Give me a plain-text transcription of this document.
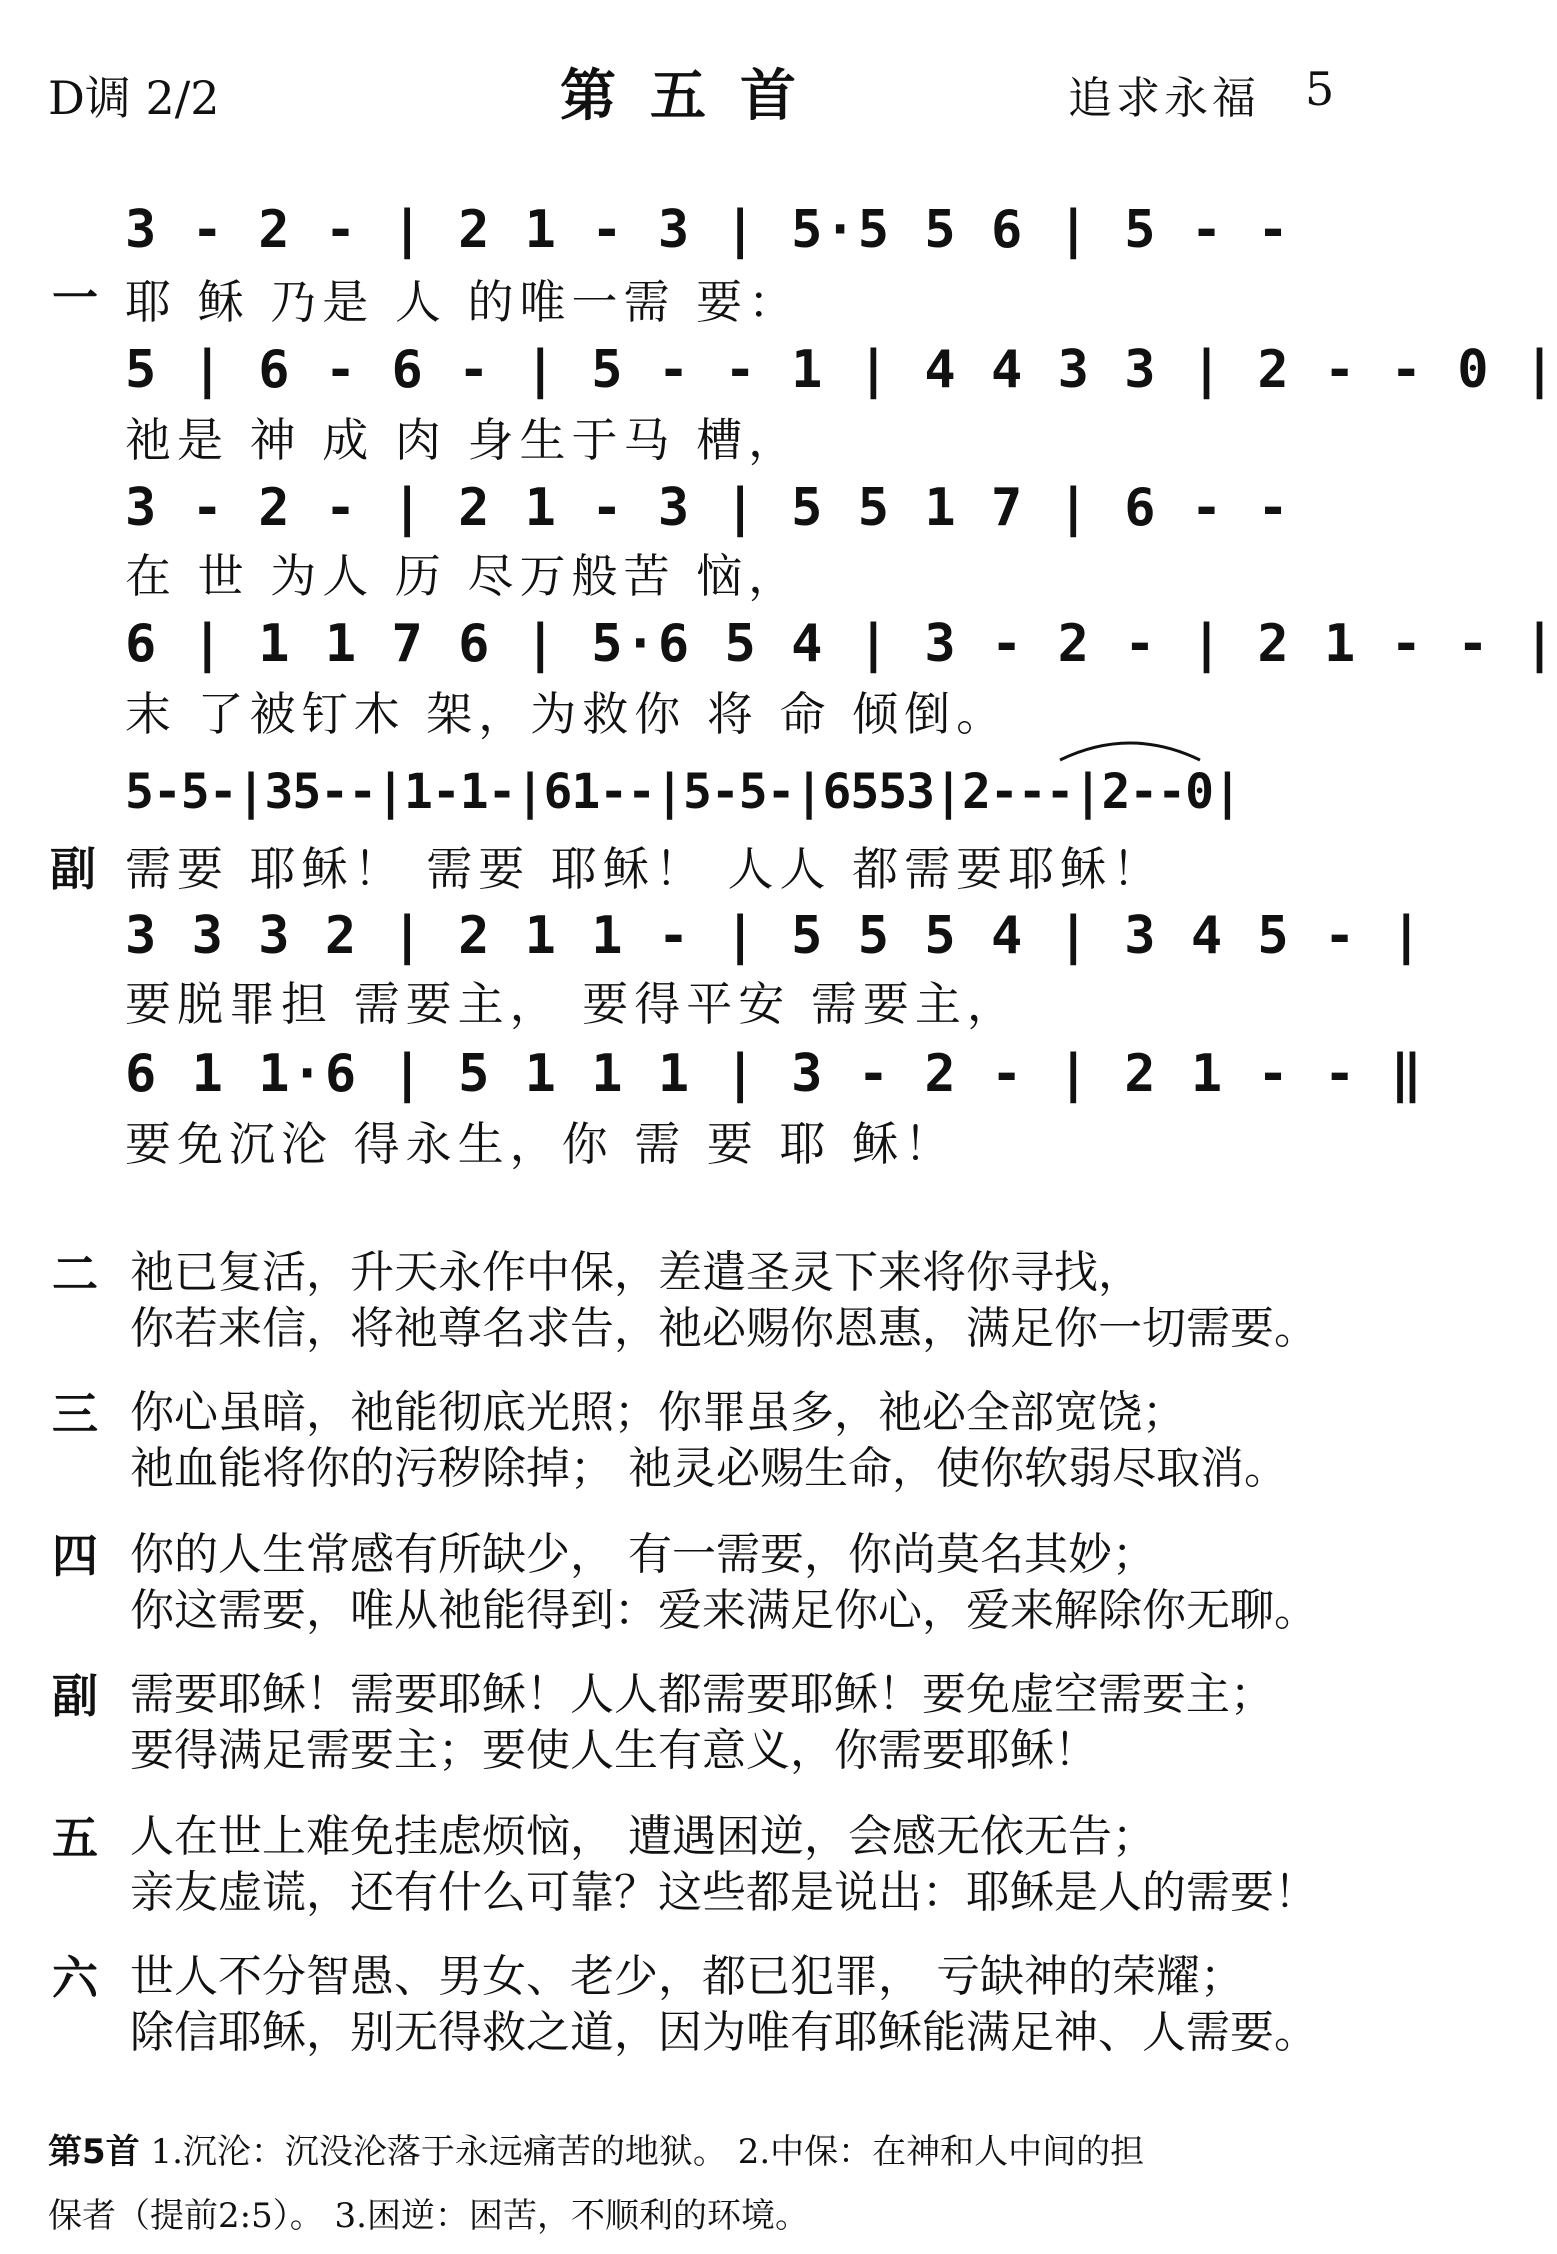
D调 2/2	第五首	追求永福 5
一
3 - 2 - | 2 1 - 3 | 5·5 5 6 | 5 - -
耶 稣 乃是 人 的唯一需 要：
5 | 6 - 6 - | 5 - - 1 | 4 4 3 3 | 2 - - 0 |
祂是 神 成 肉 身生于马 槽，
3 - 2 - | 2 1 - 3 | 5 5 1 7 | 6 - -
在 世 为人 历 尽万般苦 恼，
6 | 1 1 7 6 | 5·6 5 4 | 3 - 2 - | 2 1 - - |
末 了被钉木 架，为救你 将 命 倾倒。
5-5-|35--|1-1-|61--|5-5-|6553|2---|2--0|
副 需要 耶稣！ 需要 耶稣！ 人人 都需要耶稣！
3 3 3 2 | 2 1 1 - | 5 5 5 4 | 3 4 5 - |
要脱罪担 需要主， 要得平安 需要主，
6 1 1·6 | 5 1 1 1 | 3 - 2 - | 2 1 - - ‖
要免沉沦 得永生，你 需 要 耶 稣！
二 祂已复活，升天永作中保，差遣圣灵下来将你寻找，
你若来信，将祂尊名求告，祂必赐你恩惠，满足你一切需要。
三 你心虽暗，祂能彻底光照；你罪虽多，祂必全部宽饶；
祂血能将你的污秽除掉； 祂灵必赐生命，使你软弱尽取消。
四 你的人生常感有所缺少， 有一需要，你尚莫名其妙；
你这需要，唯从祂能得到：爱来满足你心，爱来解除你无聊。
副 需要耶稣！需要耶稣！人人都需要耶稣！要免虚空需要主；
要得满足需要主；要使人生有意义，你需要耶稣！
五 人在世上难免挂虑烦恼， 遭遇困逆，会感无依无告；
亲友虚谎，还有什么可靠？这些都是说出：耶稣是人的需要！
六 世人不分智愚、男女、老少，都已犯罪， 亏缺神的荣耀；
除信耶稣，别无得救之道，因为唯有耶稣能满足神、人需要。
第5首 1.沉沦：沉没沦落于永远痛苦的地狱。 2.中保：在神和人中间的担
保者（提前2:5）。 3.困逆：困苦，不顺利的环境。
